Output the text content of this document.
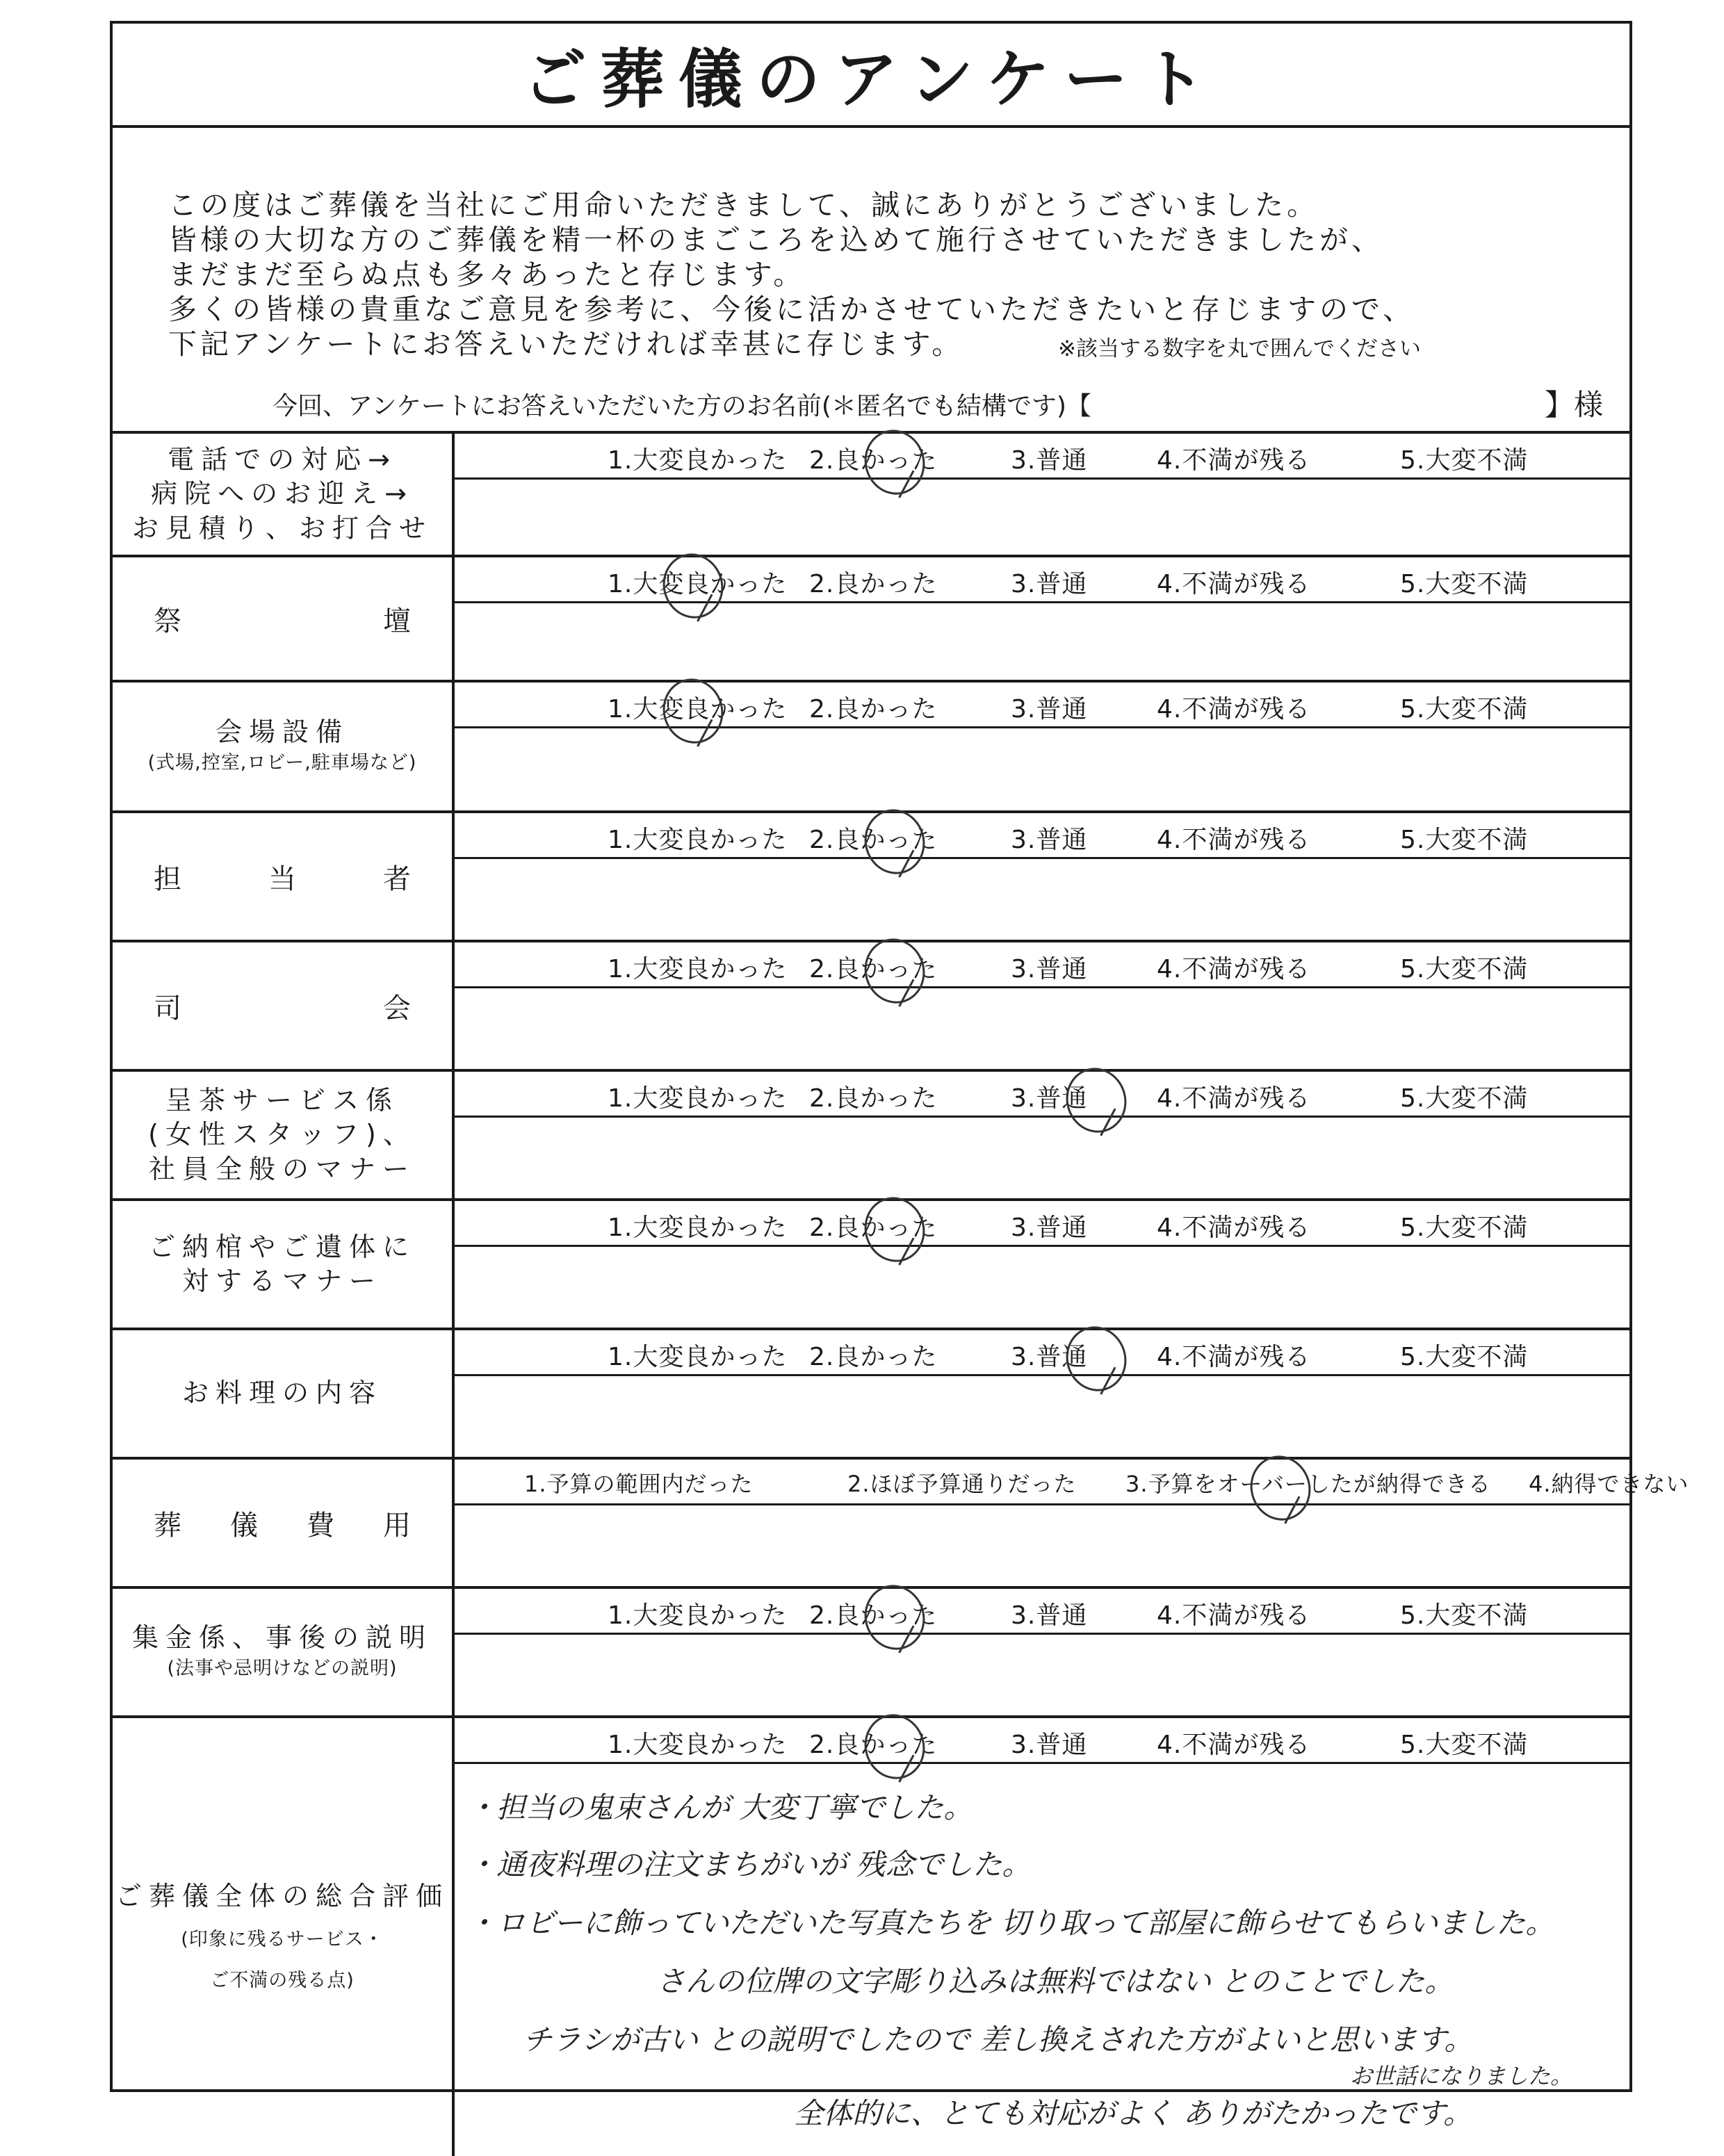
ご葬儀のアンケート
この度はご葬儀を当社にご用命いただきまして、誠にありがとうございました。
皆様の大切な方のご葬儀を精一杯のまごころを込めて施行させていただきましたが、
まだまだ至らぬ点も多々あったと存じます。
多くの皆様の貴重なご意見を参考に、今後に活かさせていただきたいと存じますので、
下記アンケートにお答えいただければ幸甚に存じます。	※該当する数字を丸で囲んでください
今回、アンケートにお答えいただいた方のお名前(＊匿名でも結構です)【	】様
電話での対応→
病院へのお迎え→
お見積り、お打合せ
1.大変良かった 2.良かった	3.普通	4.不満が残る	5.大変不満
祭	壇
1.大変良かった 2.良かった	3.普通	4.不満が残る	5.大変不満
会場設備
(式場,控室,ロビー,駐車場など)
1.大変良かった 2.良かった	3.普通	4.不満が残る	5.大変不満
担	当	者
1.大変良かった 2.良かった	3.普通	4.不満が残る	5.大変不満
司	会
1.大変良かった 2.良かった	3.普通	4.不満が残る	5.大変不満
呈茶サービス係
(女性スタッフ)、
社員全般のマナー
1.大変良かった 2.良かった	3.普通	4.不満が残る	5.大変不満
ご納棺やご遺体に
対するマナー
1.大変良かった 2.良かった	3.普通	4.不満が残る	5.大変不満
お料理の内容
1.大変良かった 2.良かった	3.普通	4.不満が残る	5.大変不満
葬 儀 費 用
1.予算の範囲内だった	2.ほぼ予算通りだった 3.予算をオーバーしたが納得できる 4.納得できない
集金係、事後の説明
(法事や忌明けなどの説明)
1.大変良かった 2.良かった	3.普通	4.不満が残る	5.大変不満
ご葬儀全体の総合評価
(印象に残るサービス・
ご不満の残る点)
1.大変良かった 2.良かった	3.普通	4.不満が残る	5.大変不満
・担当の鬼束さんが 大変丁寧でした。
・通夜料理の注文まちがいが 残念でした。
・ロビーに飾っていただいた写真たちを 切り取って部屋に飾らせてもらいました。
　さんの位牌の文字彫り込みは無料ではない とのことでした。
チラシが古い との説明でしたので 差し換えされた方がよいと思います。
お世話になりました。
全体的に、とても対応がよく ありがたかったです。
